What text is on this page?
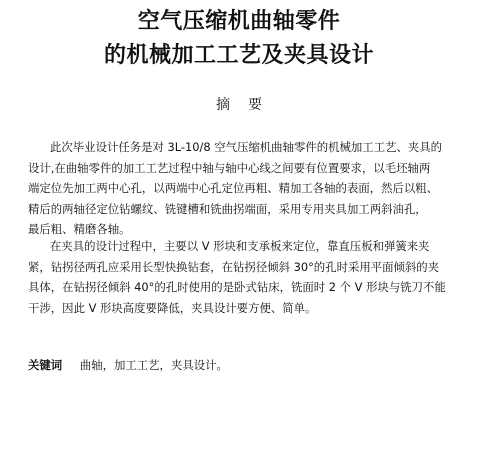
空气压缩机曲轴零件
的机械加工工艺及夹具设计
摘要
此次毕业设计任务是对 3L-10/8 空气压缩机曲轴零件的机械加工工艺、夹具的
设计,在曲轴零件的加工工艺过程中轴与轴中心线之间要有位置要求，以毛坯轴两
端定位先加工两中心孔，以两端中心孔定位再粗、精加工各轴的表面，然后以粗、
精后的两轴径定位钻螺纹、铣键槽和铣曲拐端面，采用专用夹具加工两斜油孔，
最后粗、精磨各轴。
在夹具的设计过程中，主要以 V 形块和支承板来定位，靠直压板和弹簧来夹
紧，钻拐径两孔应采用长型快换钻套，在钻拐径倾斜 30°的孔时采用平面倾斜的夹
具体，在钻拐径倾斜 40°的孔时使用的是卧式钻床，铣面时 2 个 V 形块与铣刀不能
干涉，因此 V 形块高度要降低，夹具设计要方便、简单。
关键词 曲轴，加工工艺，夹具设计。
